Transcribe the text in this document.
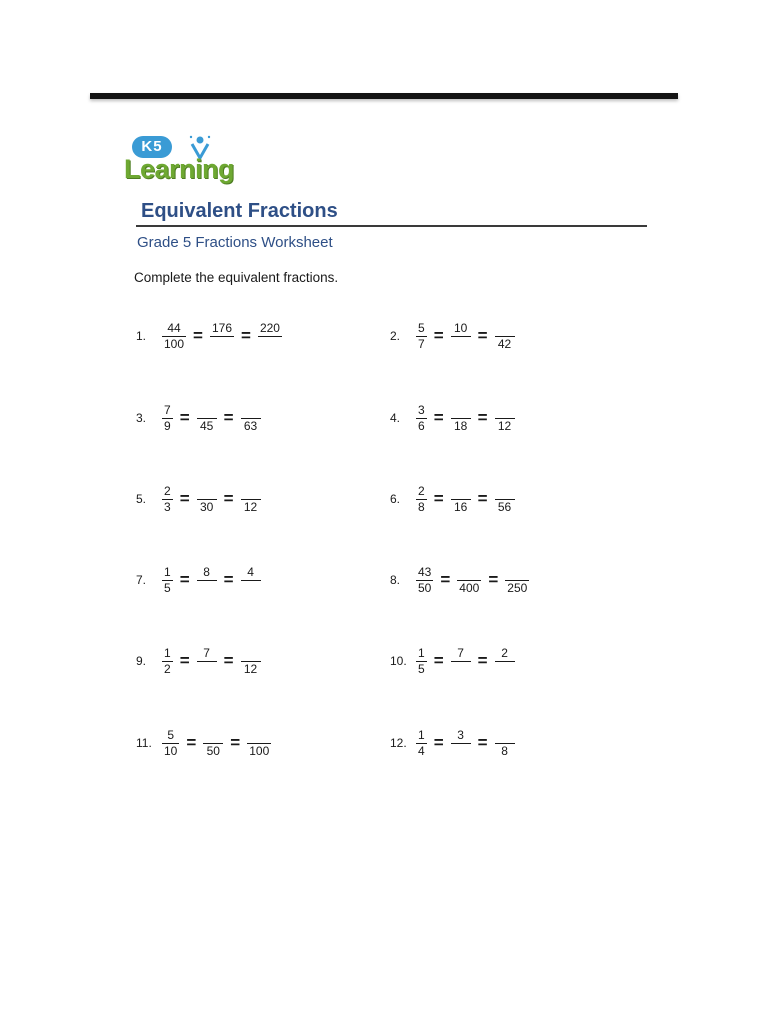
K5
Learning
Equivalent Fractions
Grade 5 Fractions Worksheet
Complete the equivalent fractions.
1.	$\frac{44}{100} = 176 = 220$
2.	$\frac{5}{7} = 10 = 42$
3.	$\frac{7}{9} = 45 = 63$
4.	$\frac{3}{6} = 18 = 12$
5.	$\frac{2}{3} = 30 = 12$
6.	$\frac{2}{8} = 16 = 56$
7.	$\frac{1}{5} = 8 = 4$
8.	$\frac{43}{50} = 400 = 250$
9.	$\frac{1}{2} = 7 = 12$
10. $\frac{1}{5} = 7 = 2$
11. $\frac{5}{10} = 50 = 100$
12. $\frac{1}{4} = 3 = 8$
